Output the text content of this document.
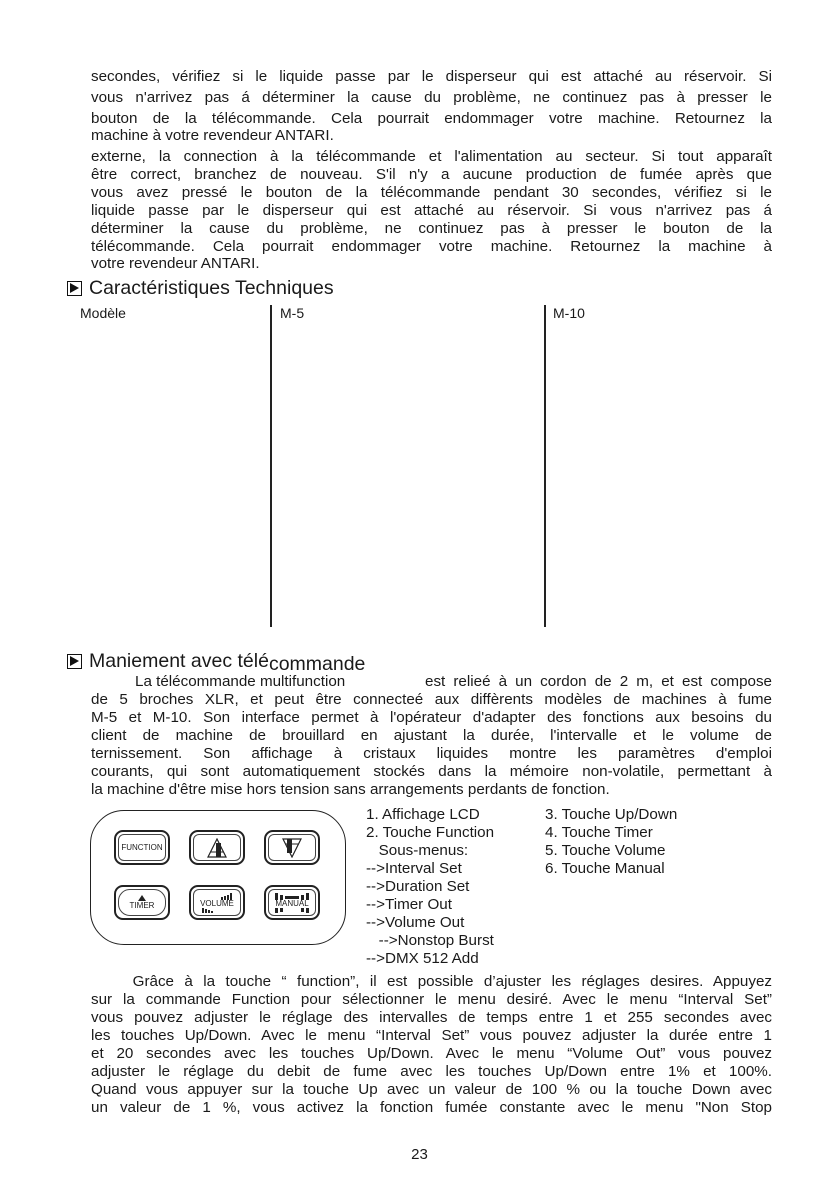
secondes, vérifiez si le liquide passe par le disperseur qui est attaché au réservoir. Si
vous n'arrivez pas á déterminer la cause du problème, ne continuez pas à presser le
bouton de la télécommande. Cela pourrait endommager votre machine. Retournez la
machine à votre revendeur ANTARI.
externe, la connection à la télécommande et l'alimentation au secteur. Si tout apparaît
être correct, branchez de nouveau. S'il n'y a aucune production de fumée après que
vous avez pressé le bouton de la télécommande pendant 30 secondes, vérifiez si le
liquide passe par le disperseur qui est attaché au réservoir. Si vous n'arrivez pas á
déterminer la cause du problème, ne continuez pas à presser le bouton de la
télécommande. Cela pourrait endommager votre machine. Retournez la machine à
votre revendeur ANTARI.
Caractéristiques Techniques
Modèle	M-5	M-10
Maniement avec télécommande
La télécommande multifunction	est relieé à un cordon de 2 m, et est compose
de 5 broches XLR, et peut être connecteé aux diffèrents modèles de machines à fume
M-5 et M-10. Son interface permet à l'opérateur d'adapter des fonctions aux besoins du
client de machine de brouillard en ajustant la durée, l'intervalle et le volume de
ternissement. Son affichage à cristaux liquides montre les paramètres d'emploi
courants, qui sont automatiquement stockés dans la mémoire non-volatile, permettant à
la machine d'être mise hors tension sans arrangements perdants de fonction.
FUNCTION
TIMER	VOLUME	MANUAL
1. Affichage LCD
2. Touche Function
Sous-menus:
-->Interval Set
-->Duration Set
-->Timer Out
-->Volume Out
-->Nonstop Burst
-->DMX 512 Add
3. Touche Up/Down
4. Touche Timer
5. Touche Volume
6. Touche Manual
Grâce à la touche “ function”, il est possible d’ajuster les réglages desires. Appuyez
sur la commande Function pour sélectionner le menu desiré. Avec le menu “Interval Set”
vous pouvez adjuster le réglage des intervalles de temps entre 1 et 255 secondes avec
les touches Up/Down. Avec le menu “Interval Set” vous pouvez adjuster la durée entre 1
et 20 secondes avec les touches Up/Down. Avec le menu “Volume Out” vous pouvez
adjuster le réglage du debit de fume avec les touches Up/Down entre 1% et 100%.
Quand vous appuyer sur la touche Up avec un valeur de 100 % ou la touche Down avec
un valeur de 1 %, vous activez la fonction fumée constante avec le menu "Non Stop
23
